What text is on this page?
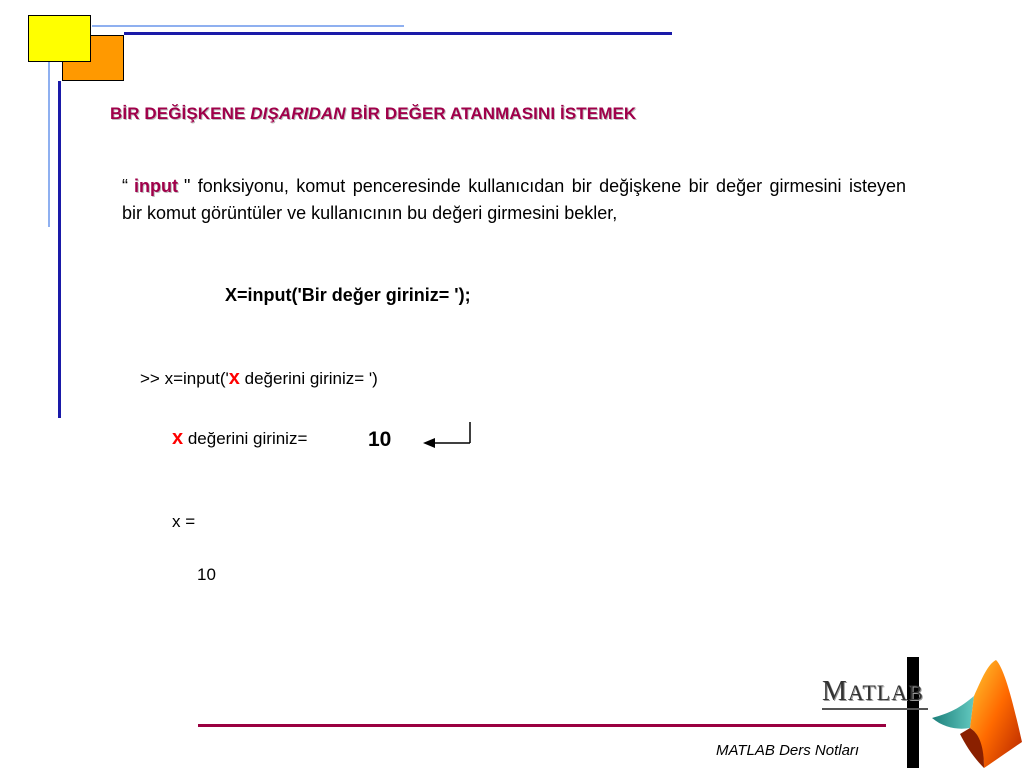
BİR DEĞİŞKENE DIŞARIDAN BİR DEĞER ATANMASINI İSTEMEK
“ input " fonksiyonu, komut penceresinde kullanıcıdan bir değişkene bir değer girmesini isteyen bir komut görüntüler ve kullanıcının bu değeri girmesini bekler,
X=input('Bir değer giriniz= ');
>> x=input('x değerini giriniz= ')
x değerini giriniz=	10
x =
10
MATLAB Ders Notları
MATLAB
